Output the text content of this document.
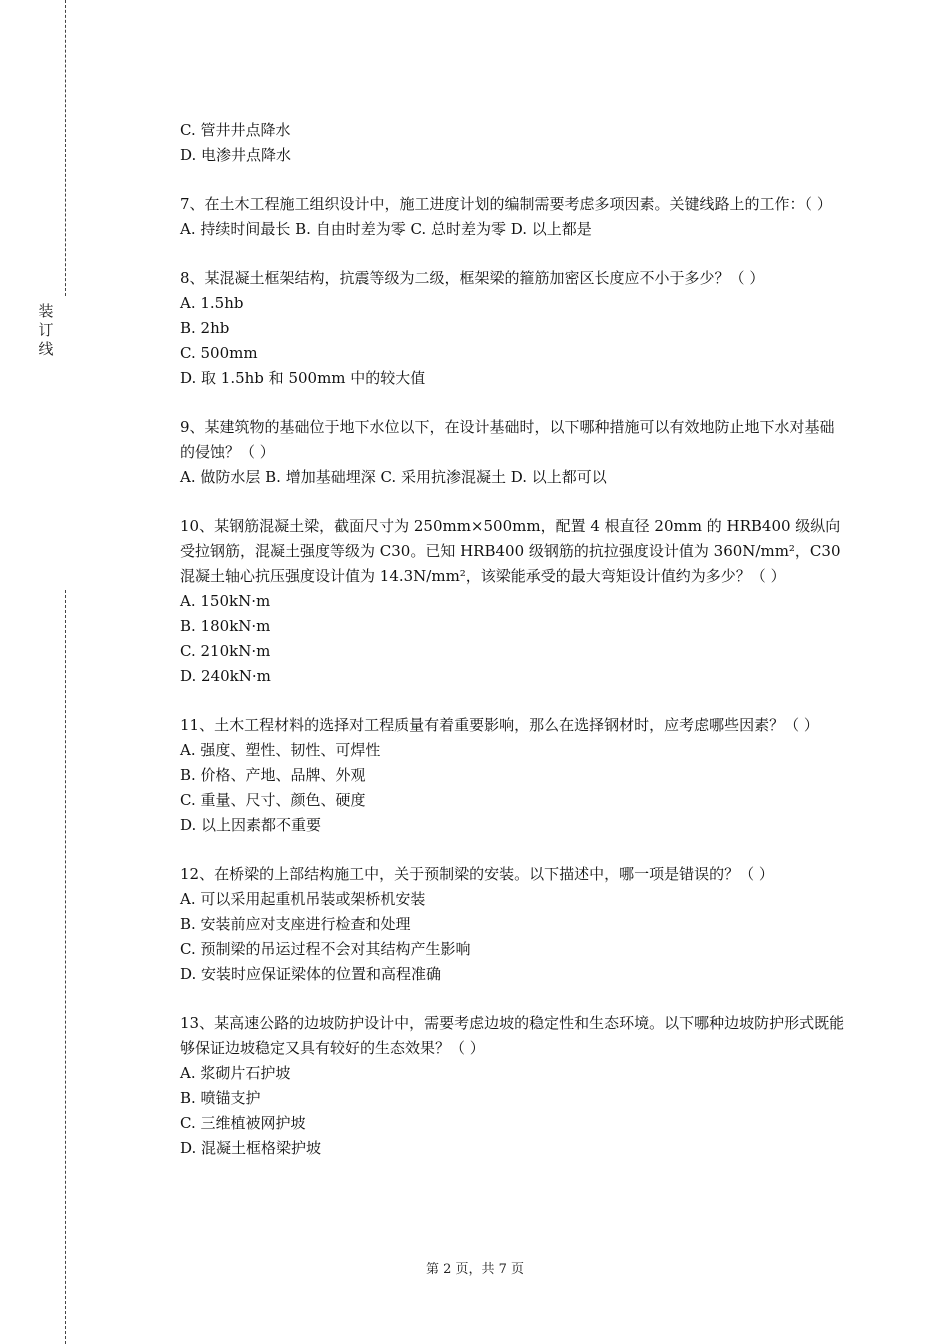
装
订
线
C. 管井井点降水
D. 电渗井点降水
7、在土木工程施工组织设计中，施工进度计划的编制需要考虑多项因素。关键线路上的工作：（ ）
A. 持续时间最长 B. 自由时差为零 C. 总时差为零 D. 以上都是
8、某混凝土框架结构，抗震等级为二级，框架梁的箍筋加密区长度应不小于多少？（ ）
A. 1.5hb
B. 2hb
C. 500mm
D. 取 1.5hb 和 500mm 中的较大值
9、某建筑物的基础位于地下水位以下，在设计基础时，以下哪种措施可以有效地防止地下水对基础的侵蚀？（ ）
A. 做防水层 B. 增加基础埋深 C. 采用抗渗混凝土 D. 以上都可以
10、某钢筋混凝土梁，截面尺寸为 250mm×500mm，配置 4 根直径 20mm 的 HRB400 级纵向受拉钢筋，混凝土强度等级为 C30。已知 HRB400 级钢筋的抗拉强度设计值为 360N/mm²，C30 混凝土轴心抗压强度设计值为 14.3N/mm²，该梁能承受的最大弯矩设计值约为多少？（ ）
A. 150kN·m
B. 180kN·m
C. 210kN·m
D. 240kN·m
11、土木工程材料的选择对工程质量有着重要影响，那么在选择钢材时，应考虑哪些因素？（ ）
A. 强度、塑性、韧性、可焊性
B. 价格、产地、品牌、外观
C. 重量、尺寸、颜色、硬度
D. 以上因素都不重要
12、在桥梁的上部结构施工中，关于预制梁的安装。以下描述中，哪一项是错误的？（ ）
A. 可以采用起重机吊装或架桥机安装
B. 安装前应对支座进行检查和处理
C. 预制梁的吊运过程不会对其结构产生影响
D. 安装时应保证梁体的位置和高程准确
13、某高速公路的边坡防护设计中，需要考虑边坡的稳定性和生态环境。以下哪种边坡防护形式既能够保证边坡稳定又具有较好的生态效果？（ ）
A. 浆砌片石护坡
B. 喷锚支护
C. 三维植被网护坡
D. 混凝土框格梁护坡
第 2 页，共 7 页
